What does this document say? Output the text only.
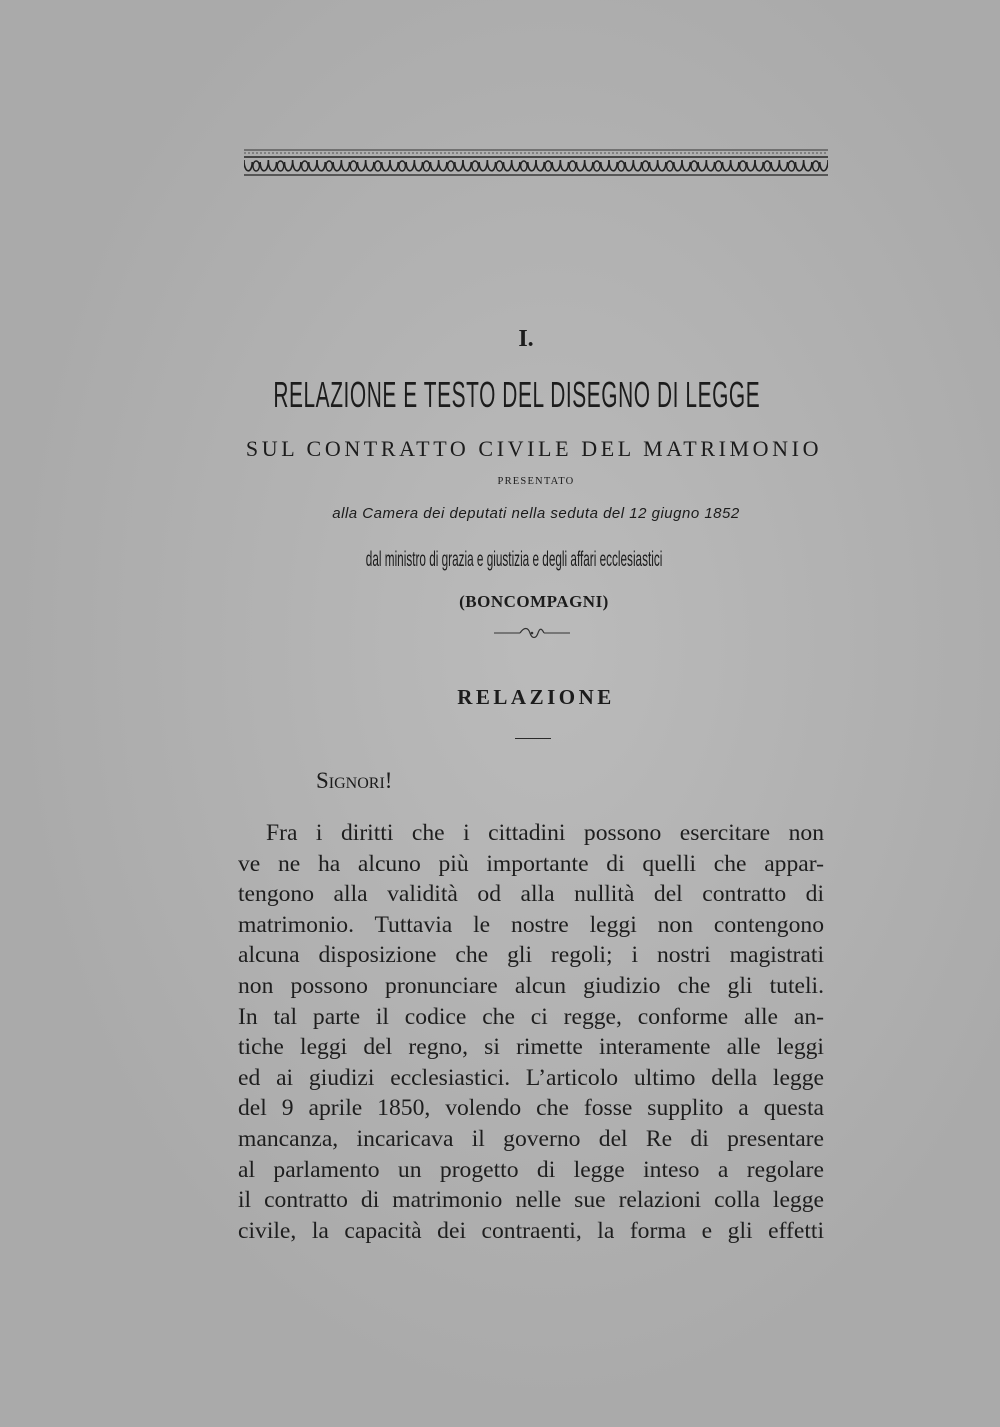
I.
RELAZIONE E TESTO DEL DISEGNO DI LEGGE
SUL CONTRATTO CIVILE DEL MATRIMONIO
PRESENTATO
alla Camera dei deputati nella seduta del 12 giugno 1852
dal ministro di grazia e giustizia e degli affari ecclesiastici
(BONCOMPAGNI)
RELAZIONE
Signori!
Fra i diritti che i cittadini possono esercitare non
ve ne ha alcuno più importante di quelli che appar-
tengono alla validità od alla nullità del contratto di
matrimonio. Tuttavia le nostre leggi non contengono
alcuna disposizione che gli regoli; i nostri magistrati
non possono pronunciare alcun giudizio che gli tuteli.
In tal parte il codice che ci regge, conforme alle an-
tiche leggi del regno, si rimette interamente alle leggi
ed ai giudizi ecclesiastici. L’articolo ultimo della legge
del 9 aprile 1850, volendo che fosse supplito a questa
mancanza, incaricava il governo del Re di presentare
al parlamento un progetto di legge inteso a regolare
il contratto di matrimonio nelle sue relazioni colla legge
civile, la capacità dei contraenti, la forma e gli effetti
